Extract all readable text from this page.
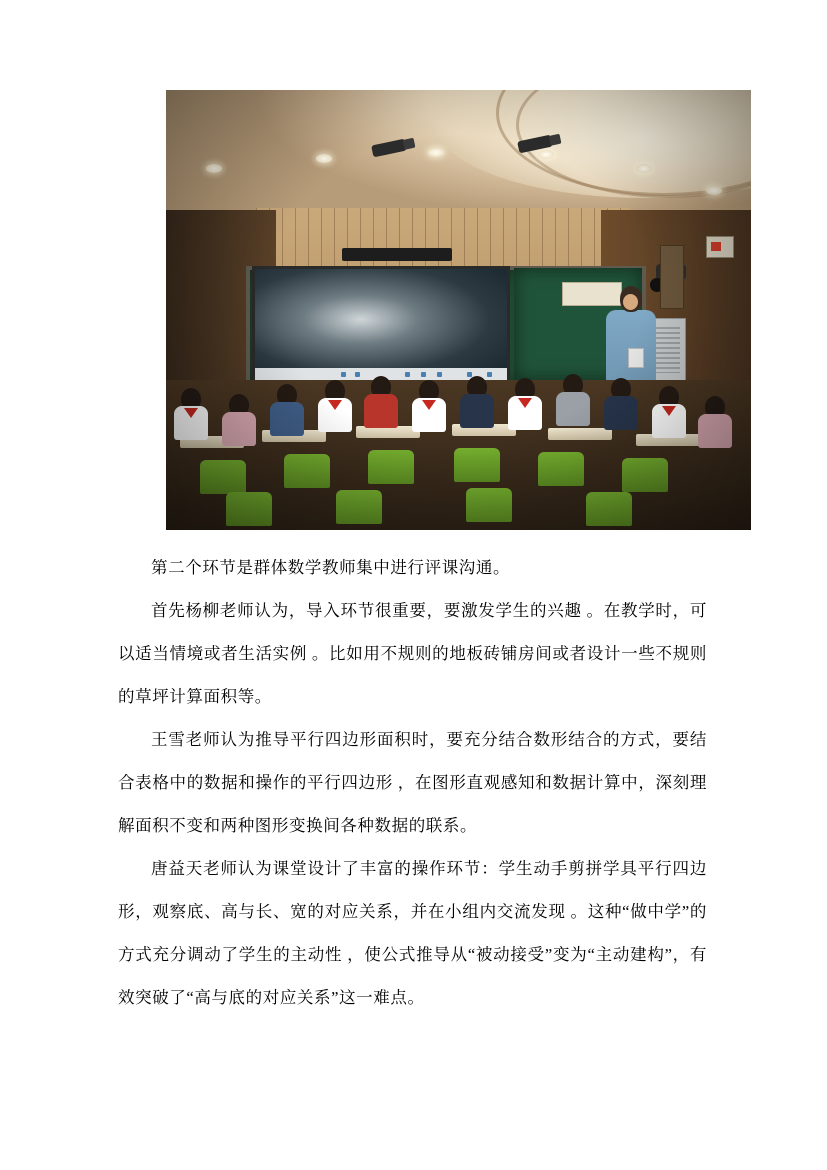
第二个环节是群体数学教师集中进行评课沟通。

首先杨柳老师认为，导入环节很重要，要激发学生的兴趣 。在教学时，可以适当情境或者生活实例 。比如用不规则的地板砖铺房间或者设计一些不规则的草坪计算面积等。

王雪老师认为推导平行四边形面积时，要充分结合数形结合的方式，要结合表格中的数据和操作的平行四边形 ，在图形直观感知和数据计算中，深刻理解面积不变和两种图形变换间各种数据的联系。

唐益天老师认为课堂设计了丰富的操作环节：学生动手剪拼学具平行四边形，观察底、高与长、宽的对应关系，并在小组内交流发现 。这种“做中学”的方式充分调动了学生的主动性 ，使公式推导从“被动接受”变为“主动建构”，有效突破了“高与底的对应关系”这一难点。
